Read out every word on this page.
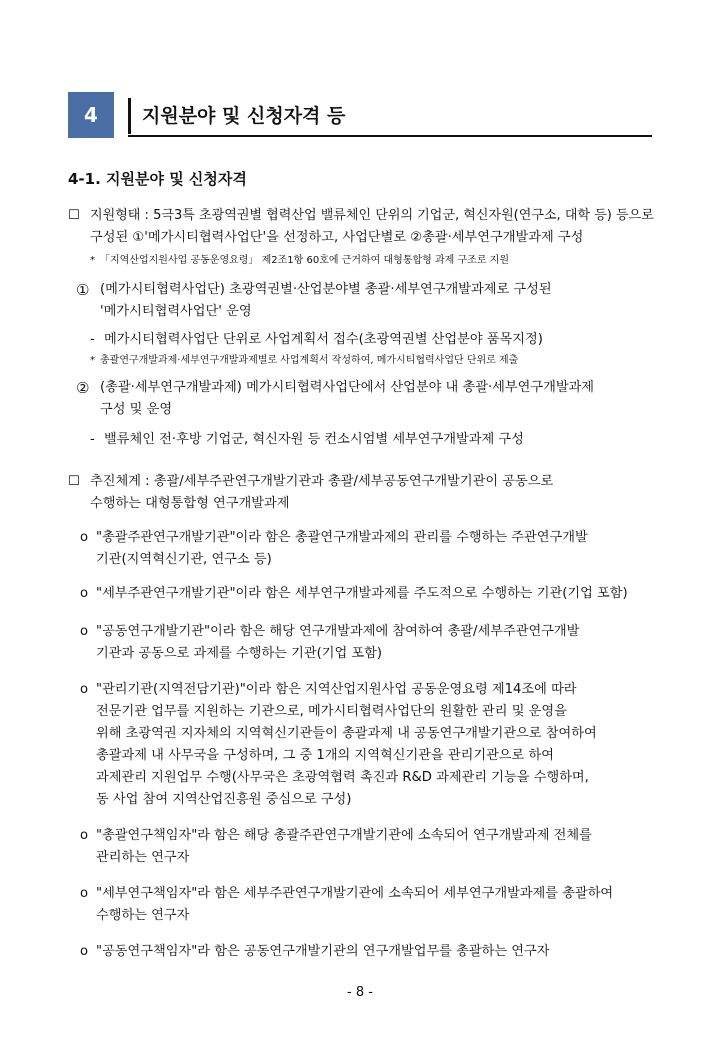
4	지원분야 및 신청자격 등
4-1. 지원분야 및 신청자격
☐ 지원형태 : 5극3특 초광역권별 협력산업 밸류체인 단위의 기업군, 혁신자원(연구소, 대학 등) 등으로
구성된 ①'메가시티협력사업단'을 선정하고, 사업단별로 ②총괄·세부연구개발과제 구성
* 「지역산업지원사업 공동운영요령」 제2조1항 60호에 근거하여 대형통합형 과제 구조로 지원
① (메가시티협력사업단) 초광역권별·산업분야별 총괄·세부연구개발과제로 구성된
'메가시티협력사업단' 운영
- 메가시티협력사업단 단위로 사업계획서 접수(초광역권별 산업분야 품목지정)
* 총괄연구개발과제·세부연구개발과제별로 사업계획서 작성하여, 메가시티협력사업단 단위로 제출
② (총괄·세부연구개발과제) 메가시티협력사업단에서 산업분야 내 총괄·세부연구개발과제
구성 및 운영
- 밸류체인 전·후방 기업군, 혁신자원 등 컨소시엄별 세부연구개발과제 구성
☐ 추진체계 : 총괄/세부주관연구개발기관과 총괄/세부공동연구개발기관이 공동으로
수행하는 대형통합형 연구개발과제
o "총괄주관연구개발기관"이라 함은 총괄연구개발과제의 관리를 수행하는 주관연구개발
기관(지역혁신기관, 연구소 등)
o "세부주관연구개발기관"이라 함은 세부연구개발과제를 주도적으로 수행하는 기관(기업 포함)
o "공동연구개발기관"이라 함은 해당 연구개발과제에 참여하여 총괄/세부주관연구개발
기관과 공동으로 과제를 수행하는 기관(기업 포함)
o "관리기관(지역전담기관)"이라 함은 지역산업지원사업 공동운영요령 제14조에 따라
전문기관 업무를 지원하는 기관으로, 메가시티협력사업단의 원활한 관리 및 운영을
위해 초광역권 지자체의 지역혁신기관들이 총괄과제 내 공동연구개발기관으로 참여하여
총괄과제 내 사무국을 구성하며, 그 중 1개의 지역혁신기관을 관리기관으로 하여
과제관리 지원업무 수행(사무국은 초광역협력 촉진과 R&D 과제관리 기능을 수행하며,
동 사업 참여 지역산업진흥원 중심으로 구성)
o "총괄연구책임자"라 함은 해당 총괄주관연구개발기관에 소속되어 연구개발과제 전체를
관리하는 연구자
o "세부연구책임자"라 함은 세부주관연구개발기관에 소속되어 세부연구개발과제를 총괄하여
수행하는 연구자
o "공동연구책임자"라 함은 공동연구개발기관의 연구개발업무를 총괄하는 연구자
- 8 -
